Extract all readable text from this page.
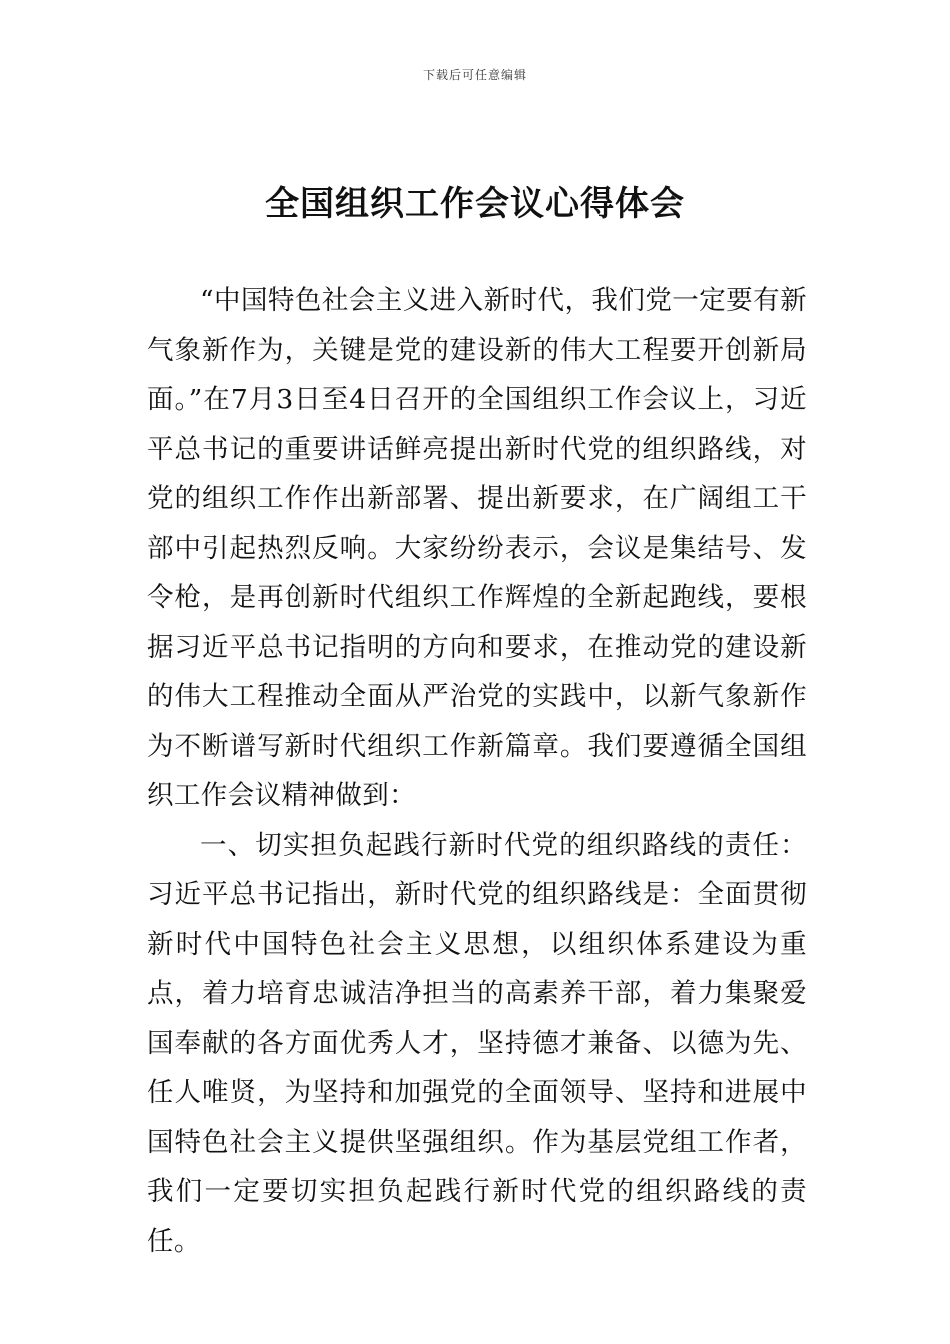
下载后可任意编辑
全国组织工作会议心得体会

“中国特色社会主义进入新时代，我们党一定要有新气象新作为，关键是党的建设新的伟大工程要开创新局面。”在7月3日至4日召开的全国组织工作会议上，习近平总书记的重要讲话鲜亮提出新时代党的组织路线，对党的组织工作作出新部署、提出新要求，在广阔组工干部中引起热烈反响。大家纷纷表示，会议是集结号、发令枪，是再创新时代组织工作辉煌的全新起跑线，要根据习近平总书记指明的方向和要求，在推动党的建设新的伟大工程推动全面从严治党的实践中，以新气象新作为不断谱写新时代组织工作新篇章。我们要遵循全国组织工作会议精神做到：

一、切实担负起践行新时代党的组织路线的责任：习近平总书记指出，新时代党的组织路线是：全面贯彻新时代中国特色社会主义思想，以组织体系建设为重点，着力培育忠诚洁净担当的高素养干部，着力集聚爱国奉献的各方面优秀人才，坚持德才兼备、以德为先、任人唯贤，为坚持和加强党的全面领导、坚持和进展中国特色社会主义提供坚强组织。作为基层党组工作者，我们一定要切实担负起践行新时代党的组织路线的责任。
